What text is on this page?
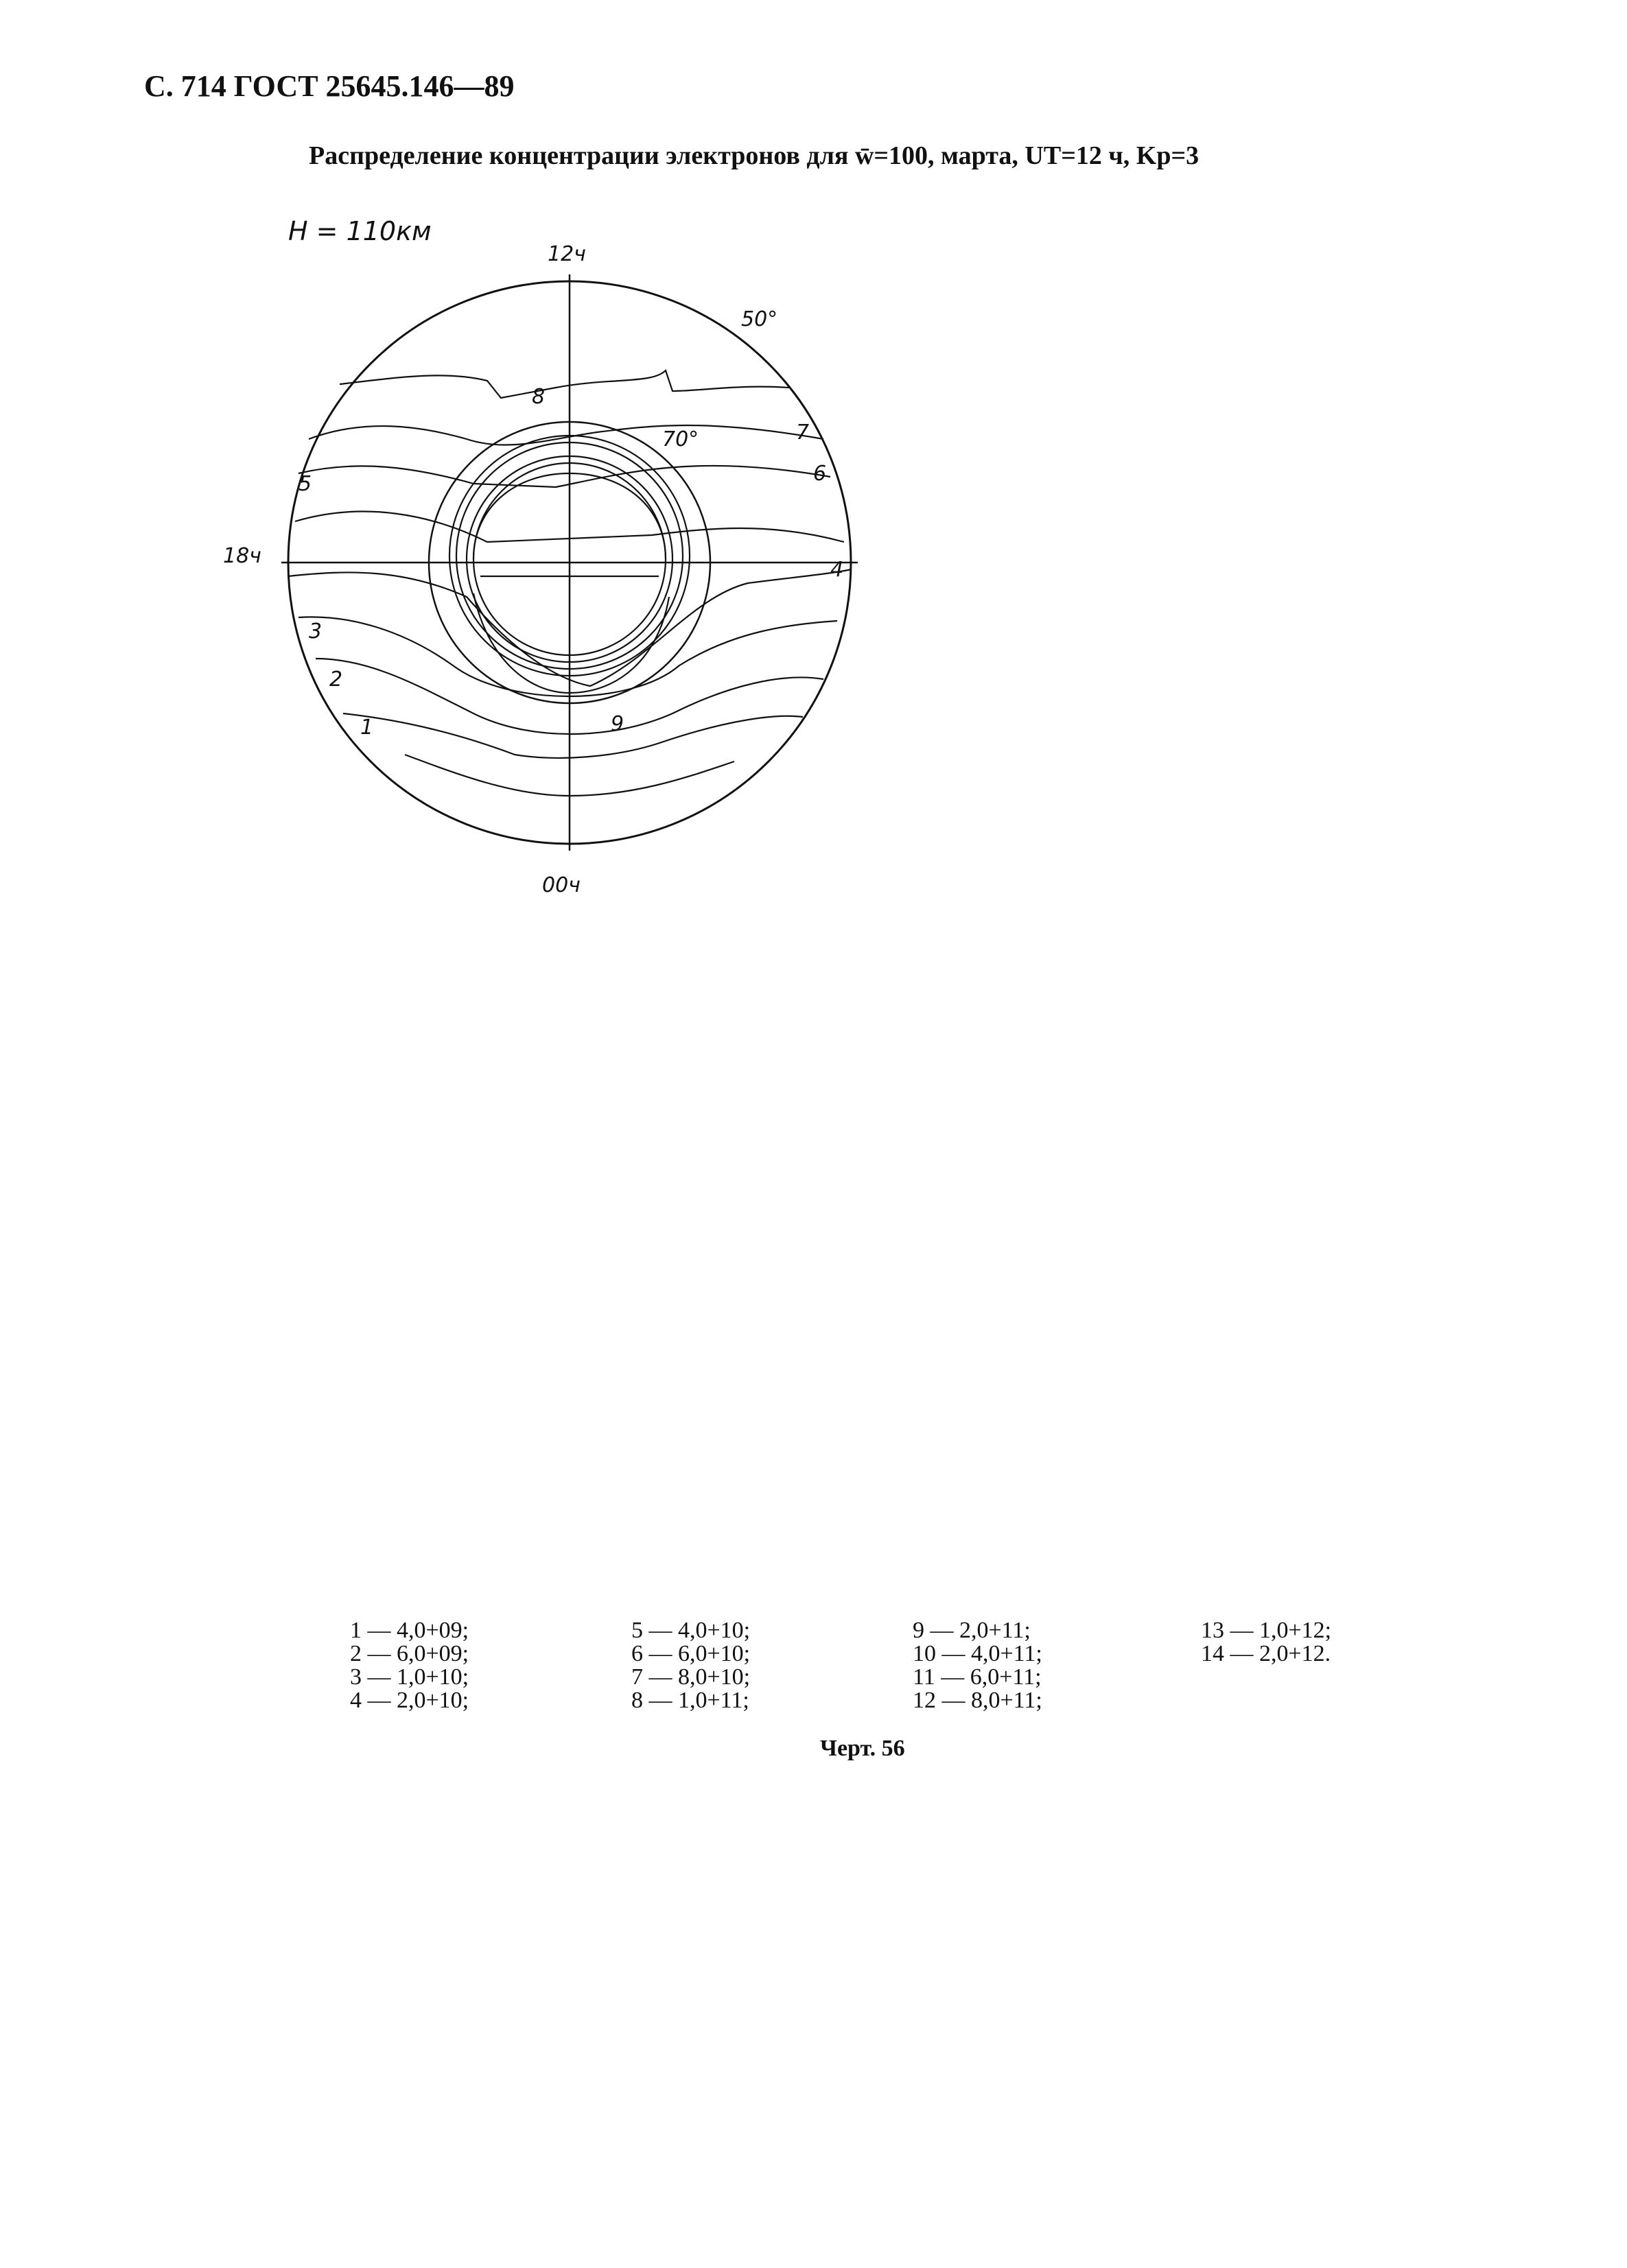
С. 714 ГОСТ 25645.146—89
Распределение концентрации электронов для w̄=100, марта, UT=12 ч, Kp=3
H = 110км
12ч
18ч
00ч
50°
70°
8
7
6
5
4
3
2
1	9
1 — 4,0+09;
2 — 6,0+09;
3 — 1,0+10;
4 — 2,0+10;
5 — 4,0+10;
6 — 6,0+10;
7 — 8,0+10;
8 — 1,0+11;
9 — 2,0+11;
10 — 4,0+11;
11 — 6,0+11;
12 — 8,0+11;
13 — 1,0+12;
14 — 2,0+12.
Черт. 56
